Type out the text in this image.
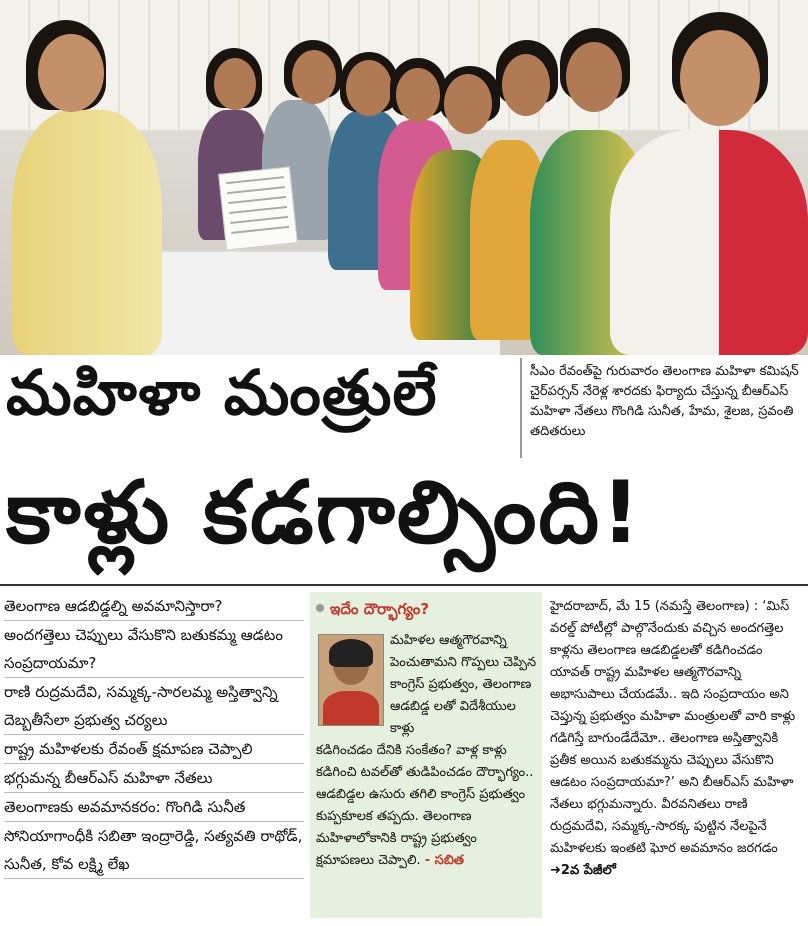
సీఎం రేవంత్‌పై గురువారం తెలంగాణ మహిళా కమిషన్ చైర్‌పర్సన్ నేరెళ్ల శారదకు ఫిర్యాదు చేస్తున్న బీఆర్‌ఎస్ మహిళా నేతలు గొంగిడి సునీత, హేమ, శైలజ, స్రవంతి తదితరులు
మహిళా మంత్రులే
కాళ్లు కడగాల్సింది!
తెలంగాణ ఆడబిడ్డల్ని అవమానిస్తారా?
అందగత్తెలు చెప్పులు వేసుకొని బతుకమ్మ ఆడటం సంప్రదాయమా?
రాణి రుద్రమదేవి, సమ్మక్క-సారలమ్మ అస్తిత్వాన్ని దెబ్బతీసేలా ప్రభుత్వ చర్యలు
రాష్ట్ర మహిళలకు రేవంత్ క్షమాపణ చెప్పాలి
భగ్గుమన్న బీఆర్‌ఎస్ మహిళా నేతలు
తెలంగాణకు అవమానకరం: గొంగిడి సునీత
సోనియాగాంధీకి సబితా ఇంద్రారెడ్డి, సత్యవతి రాథోడ్, సునీత, కోవ లక్ష్మి లేఖ
ఇదేం దౌర్భాగ్యం?
మహిళల ఆత్మగౌరవాన్ని పెంచుతామని గొప్పలు చెప్పిన కాంగ్రెస్ ప్రభుత్వం, తెలంగాణ ఆడబిడ్డ లతో విదేశీయుల కాళ్లు
కడిగించడం దేనికి సంకేతం? వాళ్ల కాళ్లు కడిగించి టవల్‌తో తుడిపించడం దౌర్భాగ్యం.. ఆడబిడ్డల ఉసురు తగిలి కాంగ్రెస్ ప్రభుత్వం కుప్పకూలక తప్పదు. తెలంగాణ మహిళాలోకానికి రాష్ట్ర ప్రభుత్వం క్షమాపణలు చెప్పాలి. - సబిత
హైదరాబాద్, మే 15 (నమస్తే తెలంగాణ) : ‘మిస్ వరల్డ్ పోటీల్లో పాల్గొనేందుకు వచ్చిన అందగత్తెల కాళ్లను తెలంగాణ ఆడబిడ్డలతో కడిగించడం యావత్ రాష్ట్ర మహిళల ఆత్మగౌరవాన్ని అభాసుపాలు చేయడమే.. ఇది సంప్రదాయం అని చెప్తున్న ప్రభుత్వం మహిళా మంత్రులతో వారి కాళ్లు గడిగిస్తే బాగుండేదేమో.. తెలంగాణ అస్తిత్వానికి ప్రతీక అయిన బతుకమ్మను చెప్పులు వేసుకొని ఆడటం సంప్రదాయమా?’ అని బీఆర్‌ఎస్ మహిళా నేతలు భగ్గుమన్నారు. వీరవనితలు రాణి రుద్రమదేవి, సమ్మక్క-సారక్క పుట్టిన నేలపైనే మహిళలకు ఇంతటి ఘోర అవమానం జరగడం ➜2వ పేజీలో
